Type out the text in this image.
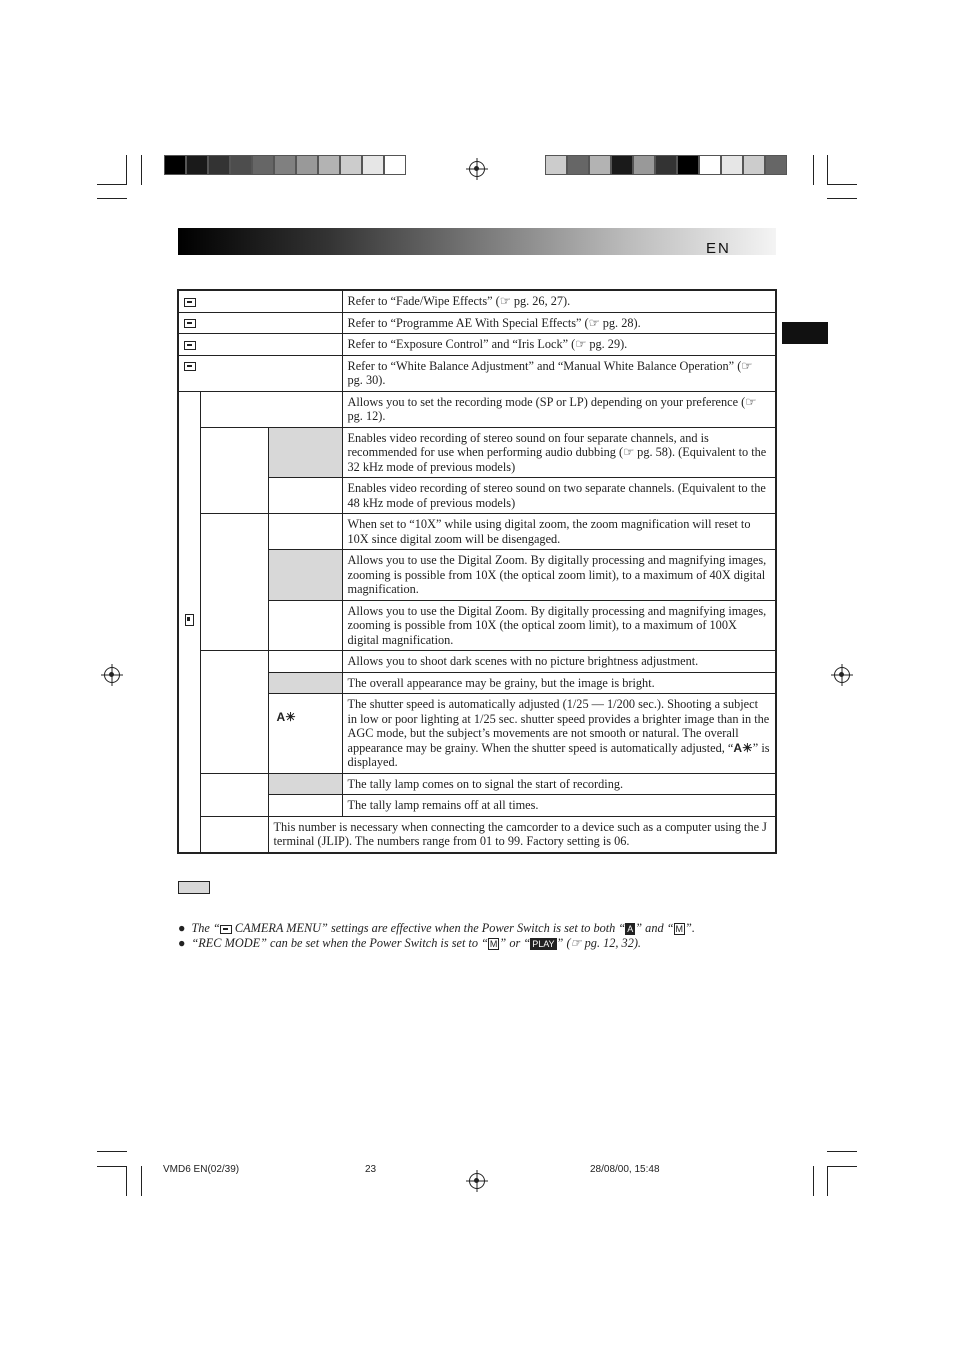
EN
			Refer to “Fade/Wipe Effects” (☞ pg. 26, 27).
			Refer to “Programme AE With Special Effects” (☞ pg. 28).
			Refer to “Exposure Control” and “Iris Lock” (☞ pg. 29).
			Refer to “White Balance Adjustment” and “Manual White Balance Operation” (☞ pg. 30).
			Allows you to set the recording mode (SP or LP) depending on your preference (☞ pg. 12).
			Enables video recording of stereo sound on four separate channels, and is recommended for use when performing audio dubbing (☞ pg. 58). (Equivalent to the 32 kHz mode of previous models)
			Enables video recording of stereo sound on two separate channels. (Equivalent to the 48 kHz mode of previous models)
			When set to “10X” while using digital zoom, the zoom magnification will reset to 10X since digital zoom will be disengaged.
			Allows you to use the Digital Zoom. By digitally processing and magnifying images, zooming is possible from 10X (the optical zoom limit), to a maximum of 40X digital magnification.
			Allows you to use the Digital Zoom. By digitally processing and magnifying images, zooming is possible from 10X (the optical zoom limit), to a maximum of 100X digital magnification.
			Allows you to shoot dark scenes with no picture brightness adjustment.
			The overall appearance may be grainy, but the image is bright.
		A☀	The shutter speed is automatically adjusted (1/25 — 1/200 sec.). Shooting a subject in low or poor lighting at 1/25 sec. shutter speed provides a brighter image than in the AGC mode, but the subject’s movements are not smooth or natural. The overall appearance may be grainy. When the shutter speed is automatically adjusted, “A☀” is displayed.
			The tally lamp comes on to signal the start of recording.
			The tally lamp remains off at all times.
		This number is necessary when connecting the camcorder to a device such as a computer using the J terminal (JLIP). The numbers range from 01 to 99. Factory setting is 06.	
● The “ CAMERA MENU” settings are effective when the Power Switch is set to both “ A ” and “ M ”.
● “REC MODE” can be set when the Power Switch is set to “ M ” or “ PLAY ” (☞ pg. 12, 32).
VMD6 EN(02/39)	23	28/08/00, 15:48
